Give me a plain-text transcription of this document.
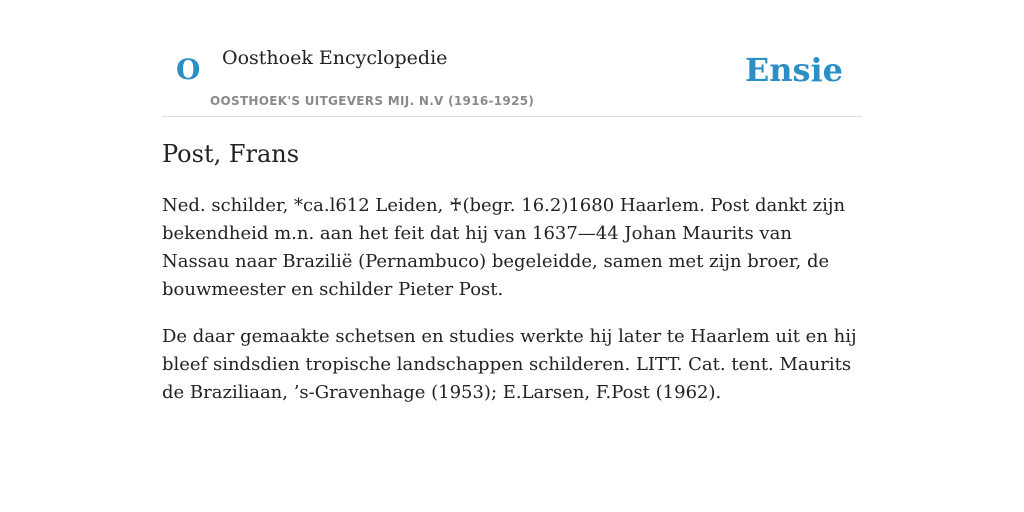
O Oosthoek Encyclopedie
OOSTHOEK'S UITGEVERS MIJ. N.V (1916-1925)
Ensie
Post, Frans

Ned. schilder, *ca.l612 Leiden, ♰(begr. 16.2)1680 Haarlem. Post dankt zijn bekendheid m.n. aan het feit dat hij van 1637—44 Johan Maurits van Nassau naar Brazilië (Pernambuco) begeleidde, samen met zijn broer, de bouwmeester en schilder Pieter Post.

De daar gemaakte schetsen en studies werkte hij later te Haarlem uit en hij bleef sindsdien tropische landschappen schilderen. LITT. Cat. tent. Maurits de Braziliaan, ’s-Gravenhage (1953); E.Larsen, F.Post (1962).
